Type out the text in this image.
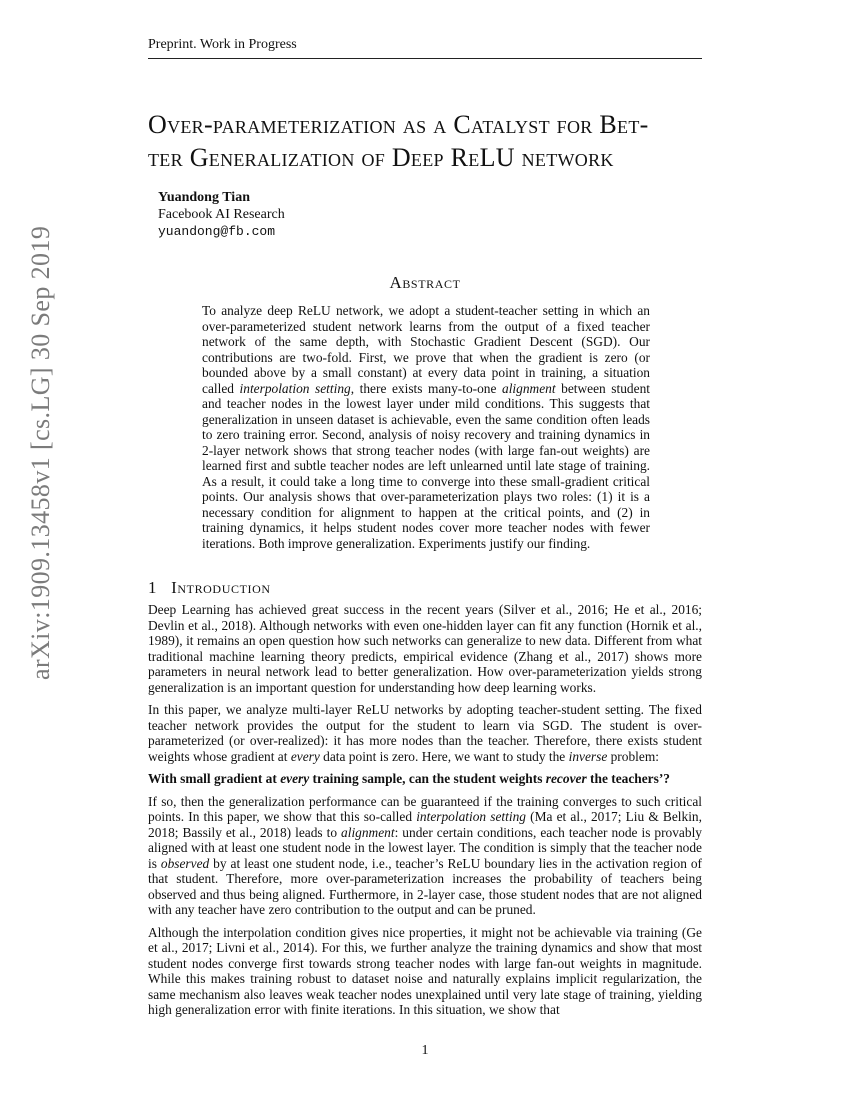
Preprint. Work in Progress
arXiv:1909.13458v1 [cs.LG] 30 Sep 2019
Over-parameterization as a Catalyst for Bet-
ter Generalization of Deep ReLU network
Yuandong Tian
Facebook AI Research
yuandong@fb.com
Abstract
To analyze deep ReLU network, we adopt a student-teacher setting in which an over-parameterized student network learns from the output of a fixed teacher network of the same depth, with Stochastic Gradient Descent (SGD). Our contributions are two-fold. First, we prove that when the gradient is zero (or bounded above by a small constant) at every data point in training, a situation called interpolation setting, there exists many-to-one alignment between student and teacher nodes in the lowest layer under mild conditions. This suggests that generalization in unseen dataset is achievable, even the same condition often leads to zero training error. Second, analysis of noisy recovery and training dynamics in 2-layer network shows that strong teacher nodes (with large fan-out weights) are learned first and subtle teacher nodes are left unlearned until late stage of training. As a result, it could take a long time to converge into these small-gradient critical points. Our analysis shows that over-parameterization plays two roles: (1) it is a necessary condition for alignment to happen at the critical points, and (2) in training dynamics, it helps student nodes cover more teacher nodes with fewer iterations. Both improve generalization. Experiments justify our finding.
1 Introduction

Deep Learning has achieved great success in the recent years (Silver et al., 2016; He et al., 2016; Devlin et al., 2018). Although networks with even one-hidden layer can fit any function (Hornik et al., 1989), it remains an open question how such networks can generalize to new data. Different from what traditional machine learning theory predicts, empirical evidence (Zhang et al., 2017) shows more parameters in neural network lead to better generalization. How over-parameterization yields strong generalization is an important question for understanding how deep learning works.

In this paper, we analyze multi-layer ReLU networks by adopting teacher-student setting. The fixed teacher network provides the output for the student to learn via SGD. The student is over-parameterized (or over-realized): it has more nodes than the teacher. Therefore, there exists student weights whose gradient at every data point is zero. Here, we want to study the inverse problem:

With small gradient at every training sample, can the student weights recover the teachers’?

If so, then the generalization performance can be guaranteed if the training converges to such critical points. In this paper, we show that this so-called interpolation setting (Ma et al., 2017; Liu & Belkin, 2018; Bassily et al., 2018) leads to alignment: under certain conditions, each teacher node is provably aligned with at least one student node in the lowest layer. The condition is simply that the teacher node is observed by at least one student node, i.e., teacher’s ReLU boundary lies in the activation region of that student. Therefore, more over-parameterization increases the probability of teachers being observed and thus being aligned. Furthermore, in 2-layer case, those student nodes that are not aligned with any teacher have zero contribution to the output and can be pruned.

Although the interpolation condition gives nice properties, it might not be achievable via training (Ge et al., 2017; Livni et al., 2014). For this, we further analyze the training dynamics and show that most student nodes converge first towards strong teacher nodes with large fan-out weights in magnitude. While this makes training robust to dataset noise and naturally explains implicit regularization, the same mechanism also leaves weak teacher nodes unexplained until very late stage of training, yielding high generalization error with finite iterations. In this situation, we show that

1
